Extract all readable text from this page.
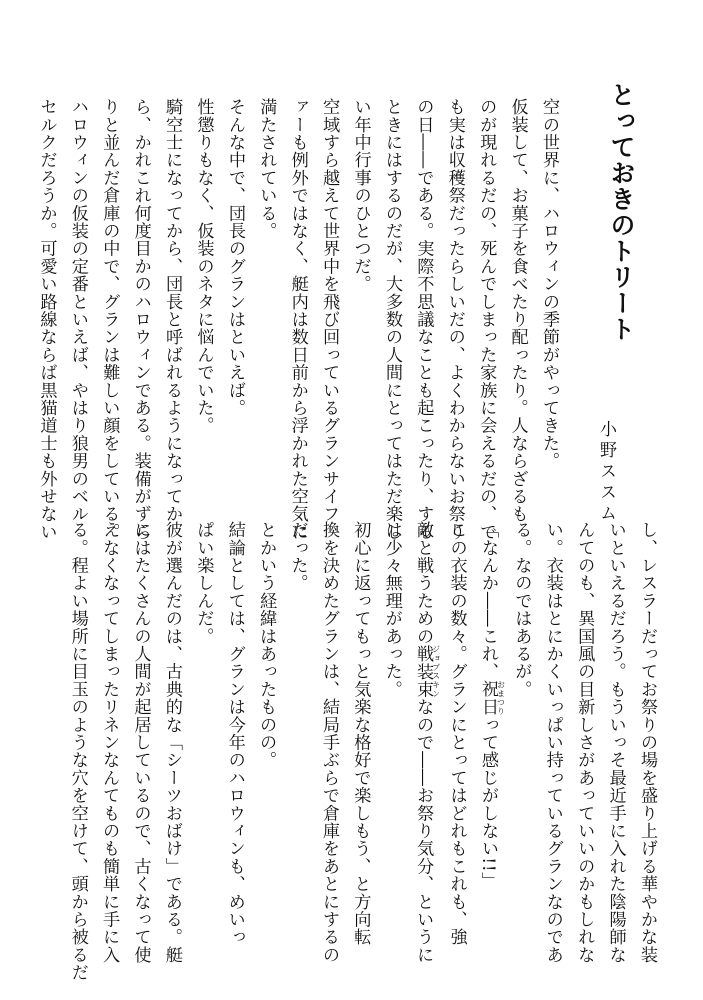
とっておきのトリート
小野ススム
空の世界に、ハロウィンの季節がやってきた。
仮装して、お菓子を食べたり配ったり。人ならざるも
のが現れるだの、死んでしまった家族に会えるだの、で
も実は収穫祭だったらしいだの、よくわからないお祭り
の日――である。実際不思議なことも起こったり、する
ときにはするのだが、大多数の人間にとってはただ楽し
い年中行事のひとつだ。
空域すら越えて世界中を飛び回っているグランサイフ
ァーも例外ではなく、艇内は数日前から浮かれた空気に
満たされている。
そんな中で、団長のグランはといえば。
性懲りもなく、仮装のネタに悩んでいた。
騎空士になってから、団長と呼ばれるようになってか
ら、かれこれ何度目かのハロウィンである。装備がずら
りと並んだ倉庫の中で、グランは難しい顔をしている。
ハロウィンの仮装の定番といえば、やはり狼男のベル
セルクだろうか。可愛い路線ならば黒猫道士も外せない
し、レスラーだってお祭りの場を盛り上げる華やかな装
いといえるだろう。もういっそ最近手に入れた陰陽師な
んてのも、異国風の目新しさがあっていいのかもしれな
い。衣装はとにかくいっぱい持っているグランなのであ
る。なのではあるが。
「なんか――これ、祝日おまつりって感じがしない!!」
この衣装の数々。グランにとってはどれもこれも、強
敵と戦うための戦装束ジョブスキンなので――お祭り気分、というに
は少々無理があった。
初心に返ってもっと気楽な格好で楽しもう、と方向転
換を決めたグランは、結局手ぶらで倉庫をあとにするの
だった。
とかいう経緯はあったものの。
結論としては、グランは今年のハロウィンも、めいっ
ぱい楽しんだ。
彼が選んだのは、古典的な「シーツおばけ」である。艇
にはたくさんの人間が起居しているので、古くなって使
えなくなってしまったリネンなんてものも簡単に手に入
る。程よい場所に目玉のような穴を空けて、頭から被るだ
